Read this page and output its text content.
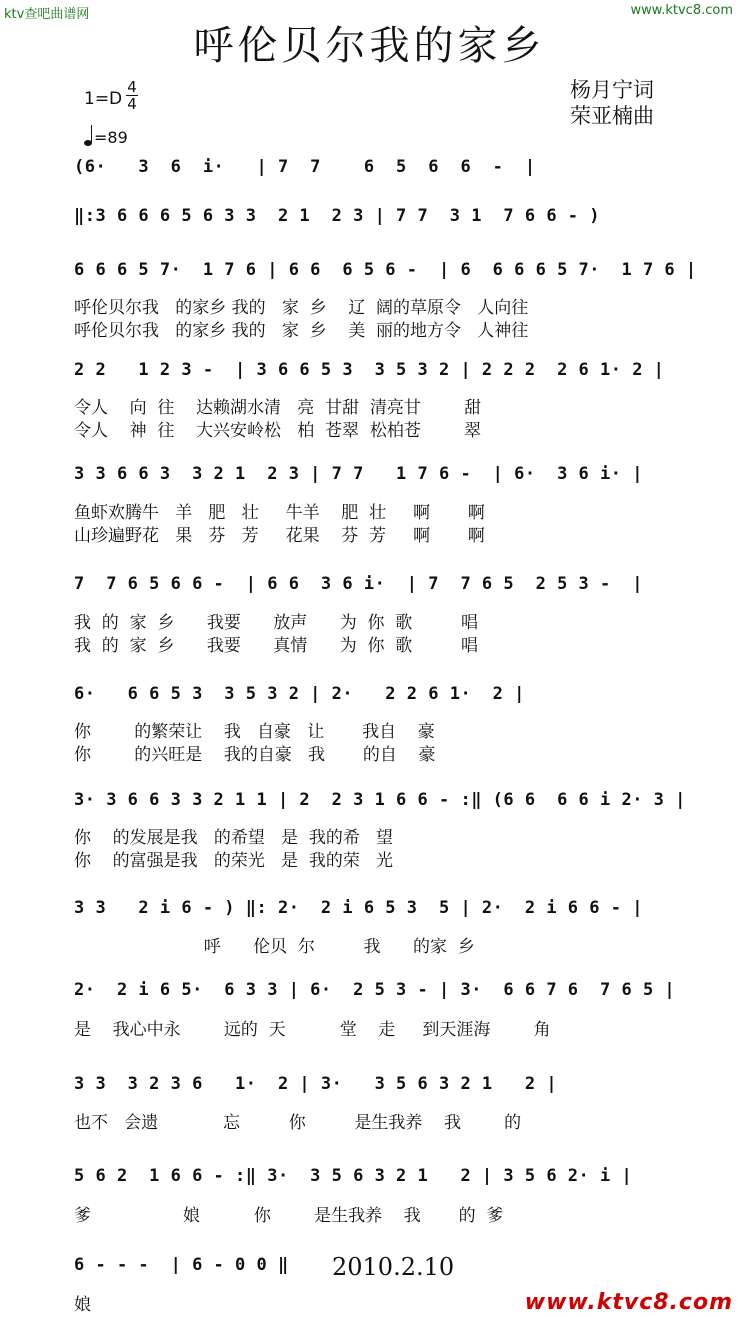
ktv查吧曲谱网	www.ktvc8.com
呼伦贝尔我的家乡
杨月宁词
荣亚楠曲
1=D
4
4
=89
(6·   3  6  i·   | 7  7    6  5  6  6  -  |
‖:3 6 6 6 5 6 3 3  2 1  2 3 | 7 7  3 1  7 6 6 - )
6 6 6 5 7·  1 7 6 | 6 6  6 5 6 -  | 6  6 6 6 5 7·  1 7 6 |
2 2   1 2 3 -  | 3 6 6 5 3  3 5 3 2 | 2 2 2  2 6 1· 2 |
3 3 6 6 3  3 2 1  2 3 | 7 7   1 7 6 -  | 6·  3 6 i· |
7  7 6 5 6 6 -  | 6 6  3 6 i·  | 7  7 6 5  2 5 3 -  |
6·   6 6 5 3  3 5 3 2 | 2·   2 2 6 1·  2 |
3· 3 6 6 3 3 2 1 1 | 2  2 3 1 6 6 - :‖ (6 6  6 6 i 2· 3 |
3 3   2 i 6 - ) ‖: 2·  2 i 6 5 3  5 | 2·  2 i 6 6 - |
2·  2 i 6 5·  6 3 3 | 6·  2 5 3 - | 3·  6 6 7 6  7 6 5 |
3 3  3 2 3 6   1·  2 | 3·   3 5 6 3 2 1   2 |
5 6 2  1 6 6 - :‖ 3·  3 5 6 3 2 1   2 | 3 5 6 2· i |
6 - - -  | 6 - 0 0 ‖
呼伦贝尔我   的家乡 我的   家  乡    辽  阔的草原令   人向往
呼伦贝尔我   的家乡 我的   家  乡    美  丽的地方令   人神往
令人    向  往    达赖湖水清   亮  甘甜  清亮甘        甜
令人    神  往    大兴安岭松   柏  苍翠  松柏苍        翠
鱼虾欢腾牛   羊   肥   壮     牛羊    肥  壮     啊       啊
山珍遍野花   果   芬   芳     花果    芬  芳     啊       啊
我  的  家  乡      我要      放声      为  你  歌         唱
我  的  家  乡      我要      真情      为  你  歌         唱
你        的繁荣让    我   自豪   让       我自    豪
你        的兴旺是    我的自豪   我       的自    豪
你    的发展是我   的希望   是  我的希   望
你    的富强是我   的荣光   是  我的荣   光
呼      伦贝  尔         我      的家  乡
是    我心中永        远的  天          堂    走     到天涯海        角
也不   会遗            忘         你         是生我养    我        的
爹                 娘          你        是生我养    我       的  爹
娘
2010.2.10
www.ktvc8.com
